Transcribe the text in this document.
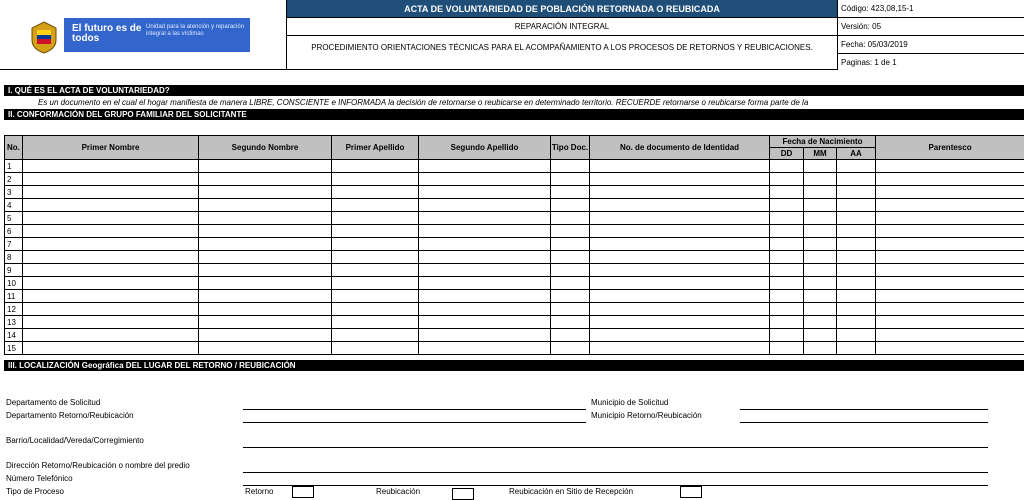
El futuro es de todos
Unidad para la atención y reparación integral a las víctimas
ACTA DE VOLUNTARIEDAD DE POBLACIÓN RETORNADA O REUBICADA
REPARACIÓN INTEGRAL
PROCEDIMIENTO ORIENTACIONES TÉCNICAS PARA EL ACOMPAÑAMIENTO A LOS PROCESOS DE RETORNOS Y REUBICACIONES.
Código: 423,08,15-1
Versión: 05
Fecha: 05/03/2019
Paginas: 1 de 1
I. QUÉ ES EL ACTA DE VOLUNTARIEDAD?
Es un documento en el cual el hogar manifiesta de manera LIBRE, CONSCIENTE e INFORMADA la decisión de retornarse o reubicarse en determinado territorio. RECUERDE retornarse o reubicarse forma parte de la
II. CONFORMACIÓN DEL GRUPO FAMILIAR DEL SOLICITANTE
No.	Primer Nombre	Segundo Nombre	Primer Apellido	Segundo Apellido	Tipo Doc.	No. de documento de Identidad	Fecha de Nacimiento			Parentesco
							DD	MM	AA	
1										
2										
3										
4										
5										
6										
7										
8										
9										
10										
11										
12										
13										
14										
15										
III. LOCALIZACIÓN Geográfica DEL LUGAR DEL RETORNO / REUBICACIÓN
Departamento de Solicitud	Municipio de Solicitud
Departamento Retorno/Reubicación	Municipio Retorno/Reubicación
Barrio/Localidad/Vereda/Corregimiento
Dirección Retorno/Reubicación o nombre del predio
Número Telefónico
Tipo de Proceso	Retorno	Reubicación	Reubicación en Sitio de Recepción
